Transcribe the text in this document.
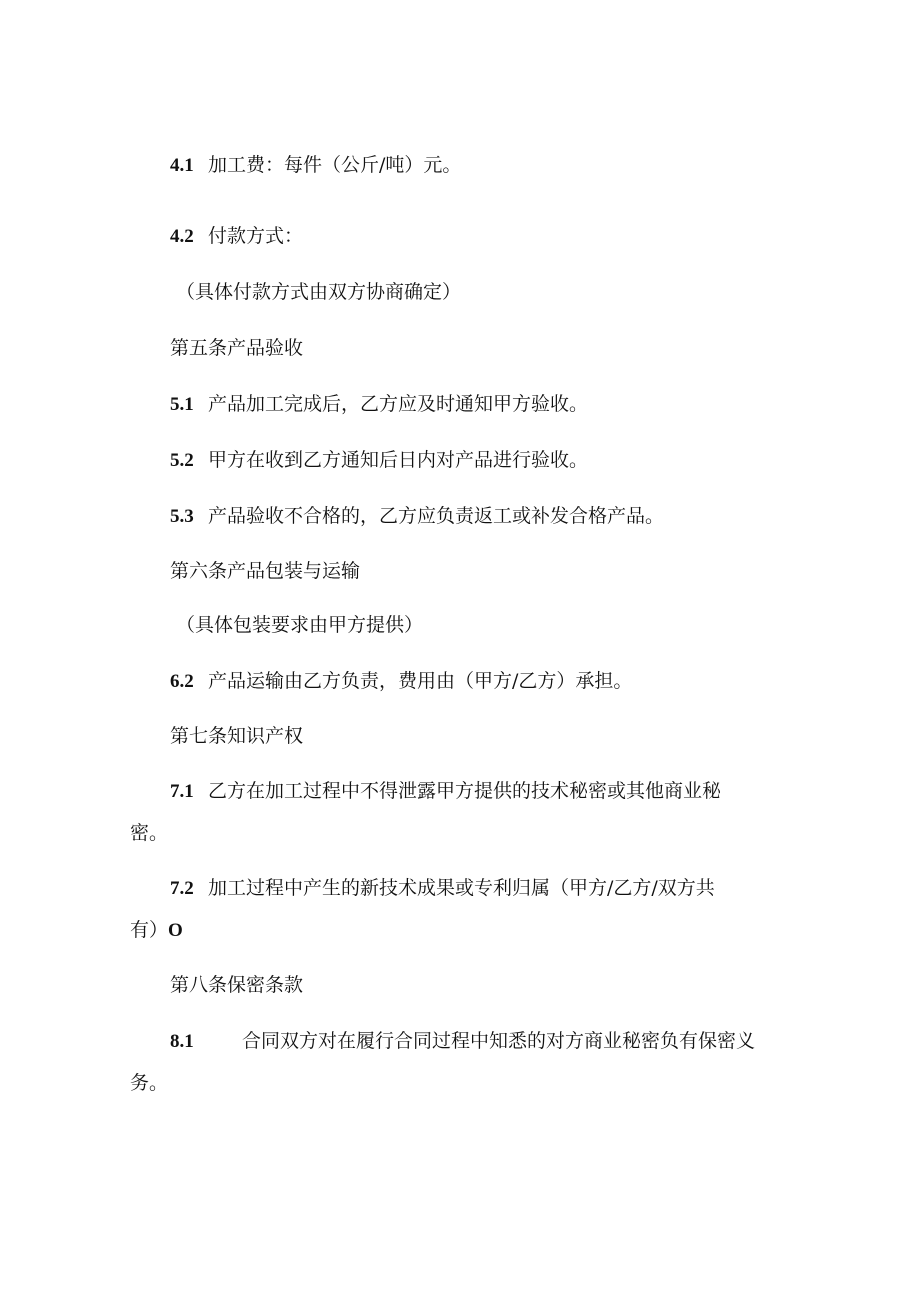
4.1 加工费：每件（公斤/吨）元。
4.2 付款方式：
（具体付款方式由双方协商确定）
第五条产品验收
5.1 产品加工完成后，乙方应及时通知甲方验收。
5.2 甲方在收到乙方通知后日内对产品进行验收。
5.3 产品验收不合格的，乙方应负责返工或补发合格产品。
第六条产品包装与运输
（具体包装要求由甲方提供）
6.2 产品运输由乙方负责，费用由（甲方/乙方）承担。
第七条知识产权
7.1 乙方在加工过程中不得泄露甲方提供的技术秘密或其他商业秘
密。
7.2 加工过程中产生的新技术成果或专利归属（甲方/乙方/双方共
有）O
第八条保密条款
8.1	合同双方对在履行合同过程中知悉的对方商业秘密负有保密义
务。
